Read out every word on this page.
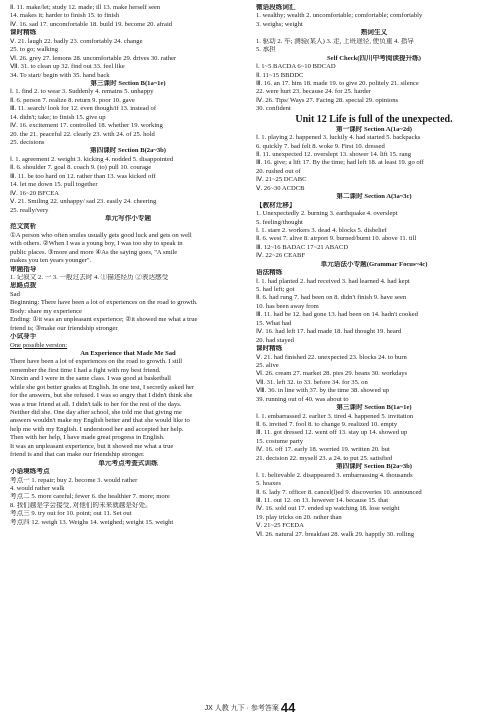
Ⅱ. 11. make/let; study 12. made; ill 13. make herself seen
14. makes it; harder to finish 15. to finish
Ⅳ. 16. sad 17. uncomfortable 18. build 19. become 20. afraid
课时精练
Ⅴ. 21. laugh 22. badly 23. comfortably 24. change
25. to go; walking
Ⅵ. 26. grey 27. lemons 28. uncomfortable 29. drives 30. rather
Ⅶ. 31. to clean up 32. find out 33. feel like
34. To start/ begin with 35. hand back
第三课时 Section B(1a~1e)
Ⅰ. 1. find 2. to wear 3. Suddenly 4. remains 5. unhappy
Ⅱ. 6. person 7. realize 8. return 9. poor 10. gave
Ⅲ. 11. search/ look for 12. even though/if 13. instead of
14. didn't; take; to finish 15. give up
Ⅳ. 16. excitement 17. controlled 18. whether 19. working
20. the 21. peaceful 22. clearly 23. with 24. of 25. hold
25. decisions
第四课时 Section B(2a~3b)
Ⅰ. 1. agreement 2. weight 3. kicking 4. nodded 5. disappointed
Ⅱ. 6. shoulder 7. goal 8. coach 9. (to) pull 10. courage
Ⅲ. 11. be too hard on 12. rather than 13. was kicked off
14. let me down 15. pull together
Ⅳ. 16~20 BFCEA
Ⅴ. 21. Smiling 22. unhappy/ sad 23. easily 24. cheering
25. really/very
单元写作小专题
范文赏析
①A person who often smiles usually gets good luck and gets on well
with others. ②When I was a young boy, I was too shy to speak in
public places. ③more and more ④As the saying goes, "A smile
makes you ten years younger".
审题指导
1. 记叙文 2. 一 3. 一般过去时 4. ①描述经历 ②表达感受
思路点拨
Sad
Beginning: There have been a lot of experiences on the road to growth.
Body: share my experience
Ending: ①it was an unpleasant experience; ②it showed me what a true
friend is; ③make our friendship stronger
小试身手
One possible version:
An Experience that Made Me Sad
There have been a lot of experiences on the road to growth. I still
remember the first time I had a fight with my best friend.
Xinxin and I were in the same class. I was good at basketball
while she got better grades at English. In one test, I secretly asked her
for the answers, but she refused. I was so angry that I didn't think she
was a true friend at all. I didn't talk to her for the rest of the days.
Neither did she. One day after school, she told me that giving me
answers wouldn't make my English better and that she would like to
help me with my English. I understood her and accepted her help.
Then with her help, I have made great progress in English.
It was an unpleasant experience, but it showed me what a true
friend is and that can make our friendship stronger.
单元考点考查式训练
小语境练考点
考点一 1. repair; buy 2. become 3. would rather
4. would rather walk
考点二 5. more careful; fewer 6. the healthier 7. more; more
8. 我们越是学会接受, 对他们的未来就越是好处。
考点三 9. try out for 10. point; out 11. Set out
考点四 12. weigh 13. Weighs 14. weighed; weight 15. weight
微语段练词汇
1. wealthy; wealth 2. uncomfortable; comfortable; comfortably
3. weighs; weight
熟词生义
1. 驱动 2. 车; 测验(某人) 3. 走, 上班途径, 使负重 4. 指导
5. 承担
Self Check(四川中考阅读提升练)
Ⅰ. 1~5 BACDA 6~10 BDCAD
Ⅱ. 11~15 BBDDC
Ⅲ. 16. an 17. him 18. made 19. to give 20. politely 21. silence
22. were hurt 23. because 24. for 25. harder
Ⅳ. 26. Tips/ Ways 27. Facing 28. special 29. opinions
30. confident
Unit 12 Life is full of the unexpected.
第一课时 Section A(1a~2d)
Ⅰ. 1. playing 2. happened 3. luckily 4. had started 5. backpacks
6. quickly 7. bad felt 8. woke 9. First 10. dressed
Ⅱ. 11. unexpected 12. overslept 13. shower 14. lift 15. rang
Ⅲ. 16. give; a lift 17. By the time; had left 18. at least 19. go off
20. rushed out of
Ⅳ. 21~25 DCABC
Ⅴ. 26~30 ACDCB
第二课时 Section A(3a~3c)
【教材迁移】
1. Unexpectedly 2. burning 3. earthquake 4. overslept
5. feeling/thought
Ⅰ. 1. stare 2. workers 3. dead 4. blocks 5. disbelief
Ⅱ. 6. west 7. alive 8. airport 9. burned/burnt 10. above 11. till
Ⅲ. 12~16 BADAC 17~21 ABACD
Ⅳ. 22~26 CEABF
单元语法小专题(Grammar Focus~4c)
语法精练
Ⅰ. 1. had planted 2. had received 3. had learned 4. had kept
5. had left; got
Ⅱ. 6. had rung 7. had been on 8. didn't finish 9. have seen
10. has been away from
Ⅲ. 11. had be 12. had gone 13. had been on 14. hadn't cooked
15. What had
Ⅳ. 16. had left 17. had made 18. had thought 19. heard
20. had stayed
课时精练
Ⅴ. 21. had finished 22. unexpected 23. blocks 24. to burn
25. alive
Ⅵ. 26. cream 27. market 28. pies 29. beans 30. workdays
Ⅶ. 31. left 32. to 33. before 34. for 35. on
Ⅷ. 36. in line with 37. by the time 38. showed up
39. running out of 40. was about to
第三课时 Section B(1a~1e)
Ⅰ. 1. embarrassed 2. earlier 3. tired 4. happened 5. invitation
Ⅱ. 6. invited 7. fool 8. to change 9. realized 10. empty
Ⅲ. 11. got dressed 12. went off 13. stay up 14. showed up
15. costume party
Ⅳ. 16. off 17. early 18. worried 19. written 20. but
21. decision 22. myself 23. a 24. to put 25. satisfied
第四课时 Section B(2a~3b)
Ⅰ. 1. believable 2. disappeared 3. embarrassing 4. thousands
5. hoaxes
Ⅱ. 6. lady 7. officer 8. cancel(l)ed 9. discoveries 10. announced
Ⅲ. 11. out 12. on 13. however 14. because 15. that
Ⅳ. 16. sold out 17. ended up watching 18. lose weight
19. play tricks on 20. rather than
Ⅴ. 21~25 FCEDA
Ⅵ. 26. natural 27. breakfast 28. walk 29. happily 30. rolling
JX 人教 九下 · 参考答案 44
